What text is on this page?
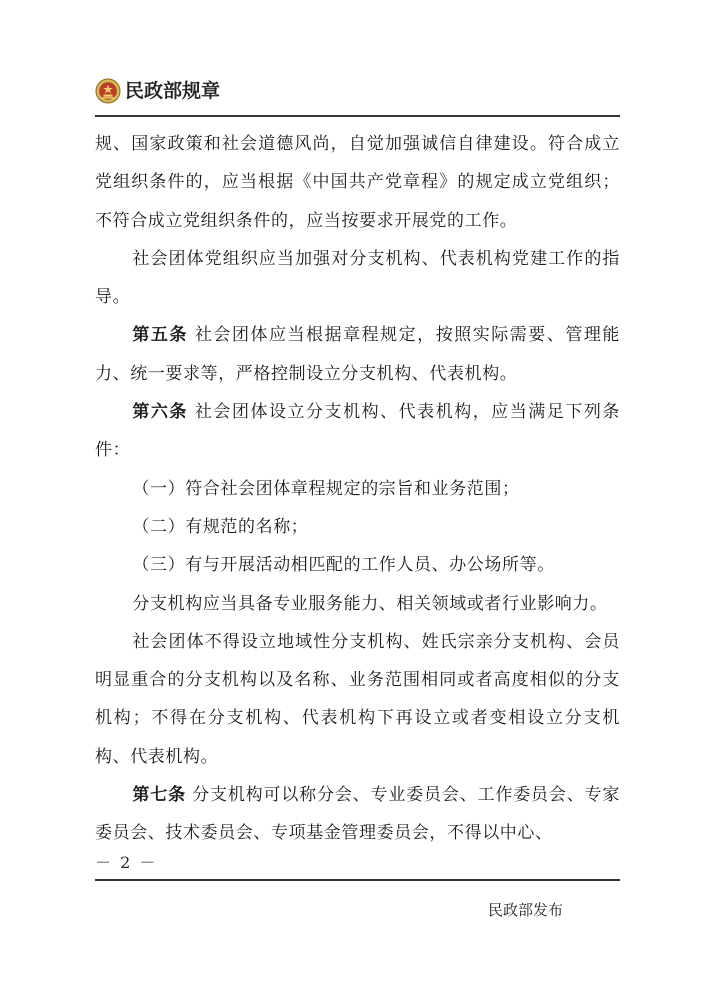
民政部规章

规、国家政策和社会道德风尚，自觉加强诚信自律建设。符合成立党组织条件的，应当根据《中国共产党章程》的规定成立党组织；不符合成立党组织条件的，应当按要求开展党的工作。

社会团体党组织应当加强对分支机构、代表机构党建工作的指导。

第五条 社会团体应当根据章程规定，按照实际需要、管理能力、统一要求等，严格控制设立分支机构、代表机构。

第六条 社会团体设立分支机构、代表机构，应当满足下列条件：

（一）符合社会团体章程规定的宗旨和业务范围；

（二）有规范的名称；

（三）有与开展活动相匹配的工作人员、办公场所等。

分支机构应当具备专业服务能力、相关领域或者行业影响力。

社会团体不得设立地域性分支机构、姓氏宗亲分支机构、会员明显重合的分支机构以及名称、业务范围相同或者高度相似的分支机构；不得在分支机构、代表机构下再设立或者变相设立分支机构、代表机构。

第七条 分支机构可以称分会、专业委员会、工作委员会、专家委员会、技术委员会、专项基金管理委员会，不得以中心、

－ 2 －
民政部发布
